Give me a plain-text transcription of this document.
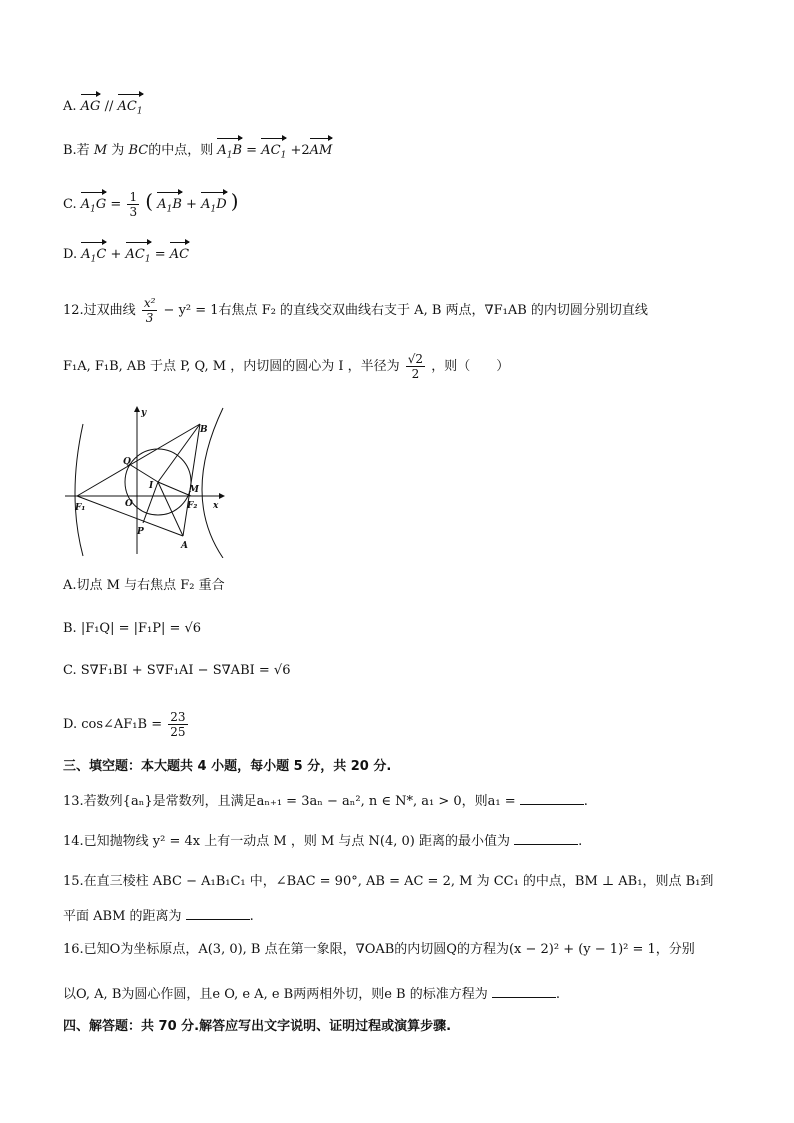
A. AG // $AC_1$
B.若 M 为 BC的中点，则 $A_1B = AC_1 +2AM$
C. $A_1G = \frac{1}{3}$ ( $A_1B + A_1D$ )
D. $A_1C + AC_1$ = AC
12.过双曲线 $\frac{\text{x²}}{3} - y^2 = 1$右焦点 F₂ 的直线交双曲线右支于 A, B 两点，∇F₁AB 的内切圆分别切直线
F₁A, F₁B, AB 于点 P, Q, M ，内切圆的圆心为 I ，半径为 $\frac{√2}{2}$ ，则（　　）
y
x
B
Q
I	M
F₁	O	F₂
P
A
A.切点 M 与右焦点 F₂ 重合
B. |F₁Q| = |F₁P| = √6
C. S∇F₁BI + S∇F₁AI − S∇ABI = √6
D. cos∠AF₁B = $\frac{23}{25}$
三、填空题：本大题共 4 小题，每小题 5 分，共 20 分.
13.若数列{aₙ}是常数列，且满足aₙ₊₁ = 3aₙ − aₙ², n ∈ N*, a₁ > 0，则a₁ =	.
14.已知抛物线 y² = 4x 上有一动点 M ，则 M 与点 N(4, 0) 距离的最小值为	.
15.在直三棱柱 ABC − A₁B₁C₁ 中，∠BAC = 90°, AB = AC = 2, M 为 CC₁ 的中点，BM ⊥ AB₁，则点 B₁到
平面 ABM 的距离为	.
16.已知O为坐标原点，A(3, 0), B 点在第一象限，∇OAB的内切圆Q的方程为(x − 2)² + (y − 1)² = 1，分别
以O, A, B为圆心作圆，且e O, e A, e B两两相外切，则e B 的标准方程为	.
四、解答题：共 70 分.解答应写出文字说明、证明过程或演算步骤.
